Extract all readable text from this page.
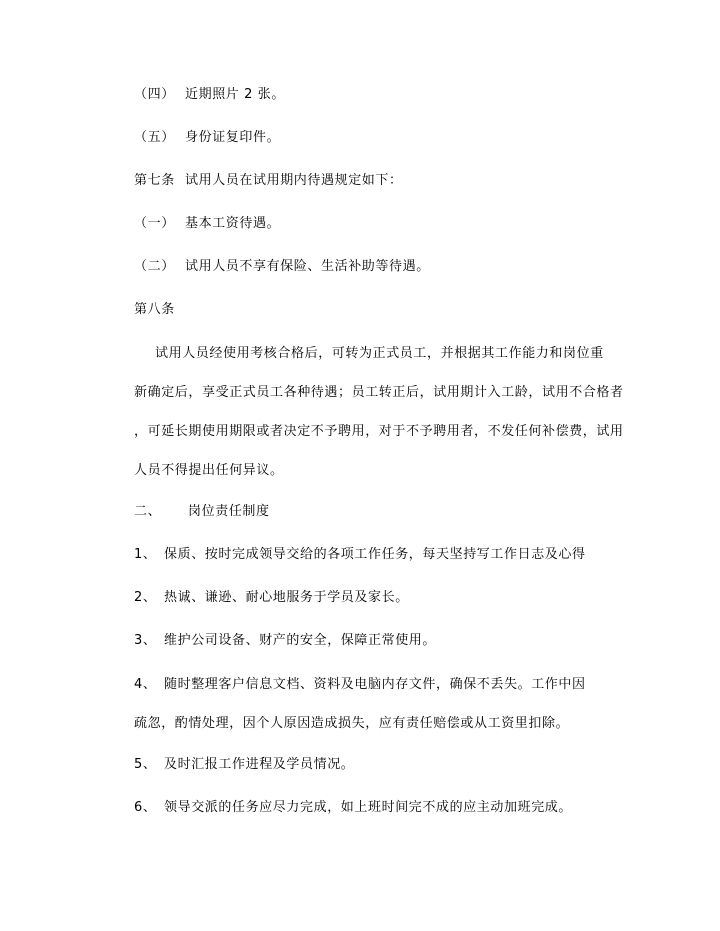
（四） 近期照片 2 张。
（五） 身份证复印件。
第七条 试用人员在试用期内待遇规定如下：
（一） 基本工资待遇。
（二） 试用人员不享有保险、生活补助等待遇。
第八条
试用人员经使用考核合格后，可转为正式员工，并根据其工作能力和岗位重
新确定后，享受正式员工各种待遇；员工转正后，试用期计入工龄，试用不合格者
，可延长期使用期限或者决定不予聘用，对于不予聘用者，不发任何补偿费，试用
人员不得提出任何异议。
二、 岗位责任制度
1、 保质、按时完成领导交给的各项工作任务，每天坚持写工作日志及心得
2、 热诚、谦逊、耐心地服务于学员及家长。
3、 维护公司设备、财产的安全，保障正常使用。
4、 随时整理客户信息文档、资料及电脑内存文件，确保不丢失。工作中因
疏忽，酌情处理，因个人原因造成损失，应有责任赔偿或从工资里扣除。
5、 及时汇报工作进程及学员情况。
6、 领导交派的任务应尽力完成，如上班时间完不成的应主动加班完成。
